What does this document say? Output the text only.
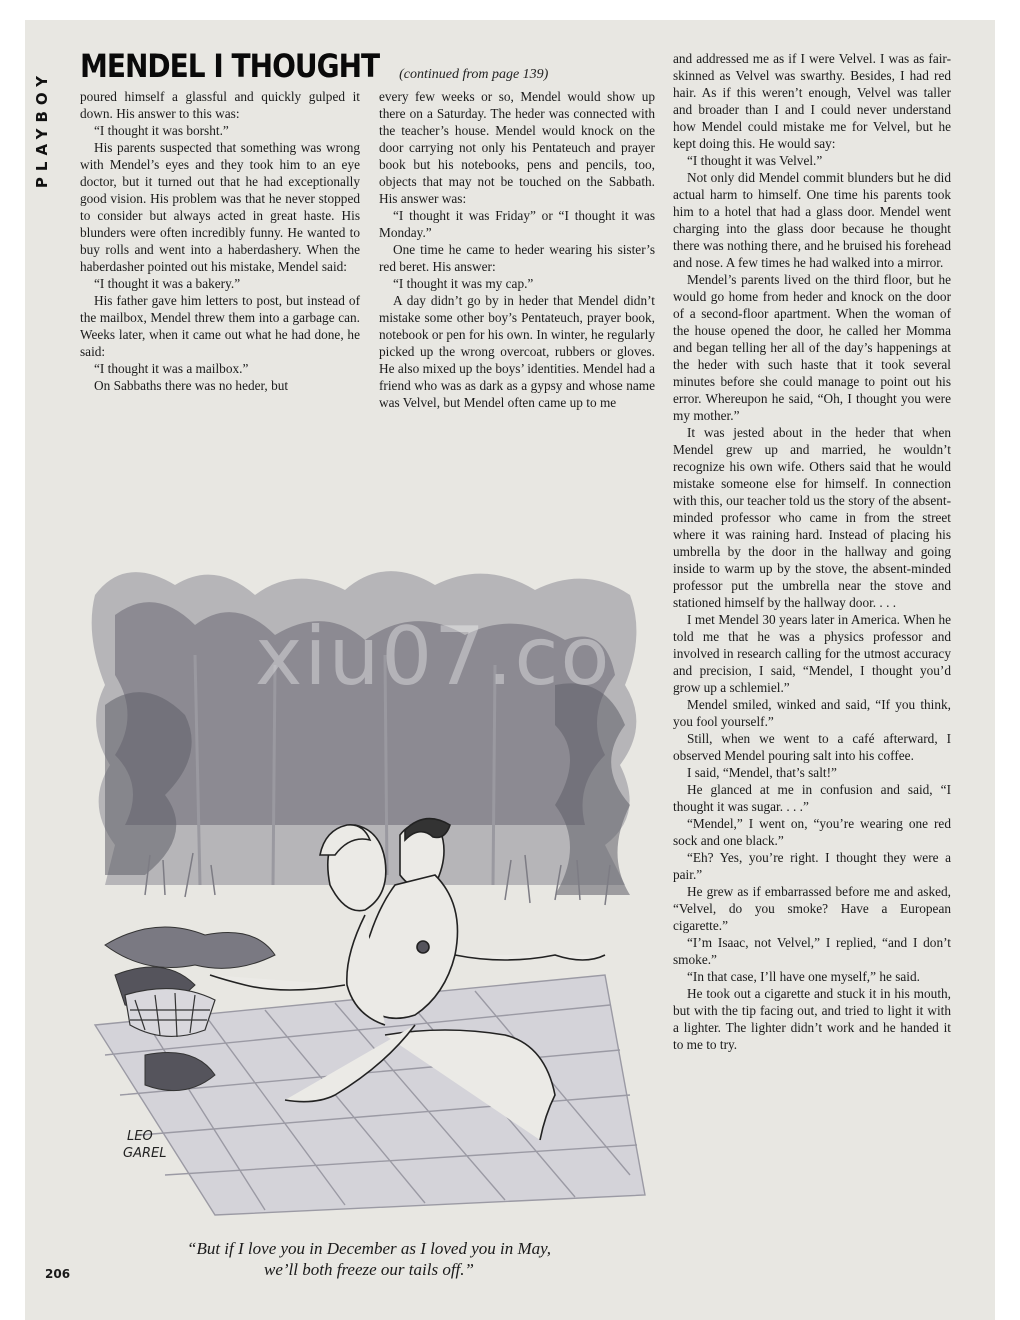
PLAYBOY
MENDEL I THOUGHT (continued from page 139)

poured himself a glassful and quickly gulped it down. His answer to this was:

“I thought it was borsht.”

His parents suspected that something was wrong with Mendel’s eyes and they took him to an eye doctor, but it turned out that he had exceptionally good vision. His problem was that he never stopped to consider but always acted in great haste. His blunders were often incredibly funny. He wanted to buy rolls and went into a haberdashery. When the haberdasher pointed out his mistake, Mendel said:

“I thought it was a bakery.”

His father gave him letters to post, but instead of the mailbox, Mendel threw them into a garbage can. Weeks later, when it came out what he had done, he said:

“I thought it was a mailbox.”

On Sabbaths there was no heder, but

every few weeks or so, Mendel would show up there on a Saturday. The heder was connected with the teacher’s house. Mendel would knock on the door carrying not only his Pentateuch and prayer book but his notebooks, pens and pencils, too, objects that may not be touched on the Sabbath. His answer was:

“I thought it was Friday” or “I thought it was Monday.”

One time he came to heder wearing his sister’s red beret. His answer:

“I thought it was my cap.”

A day didn’t go by in heder that Mendel didn’t mistake some other boy’s Pentateuch, prayer book, notebook or pen for his own. In winter, he regularly picked up the wrong overcoat, rubbers or gloves. He also mixed up the boys’ identities. Mendel had a friend who was as dark as a gypsy and whose name was Velvel, but Mendel often came up to me

and addressed me as if I were Velvel. I was as fair-skinned as Velvel was swarthy. Besides, I had red hair. As if this weren’t enough, Velvel was taller and broader than I and I could never understand how Mendel could mistake me for Velvel, but he kept doing this. He would say:

“I thought it was Velvel.”

Not only did Mendel commit blunders but he did actual harm to himself. One time his parents took him to a hotel that had a glass door. Mendel went charging into the glass door because he thought there was nothing there, and he bruised his forehead and nose. A few times he had walked into a mirror.

Mendel’s parents lived on the third floor, but he would go home from heder and knock on the door of a second-floor apartment. When the woman of the house opened the door, he called her Momma and began telling her all of the day’s happenings at the heder with such haste that it took several minutes before she could manage to point out his error. Whereupon he said, “Oh, I thought you were my mother.”

It was jested about in the heder that when Mendel grew up and married, he wouldn’t recognize his own wife. Others said that he would mistake someone else for himself. In connection with this, our teacher told us the story of the absent-minded professor who came in from the street where it was raining hard. Instead of placing his umbrella by the door in the hallway and going inside to warm up by the stove, the absent-minded professor put the umbrella near the stove and stationed himself by the hallway door. . . .

I met Mendel 30 years later in America. When he told me that he was a physics professor and involved in research calling for the utmost accuracy and precision, I said, “Mendel, I thought you’d grow up a schlemiel.”

Mendel smiled, winked and said, “If you think, you fool yourself.”

Still, when we went to a café afterward, I observed Mendel pouring salt into his coffee.

I said, “Mendel, that’s salt!”

He glanced at me in confusion and said, “I thought it was sugar. . . .”

“Mendel,” I went on, “you’re wearing one red sock and one black.”

“Eh? Yes, you’re right. I thought they were a pair.”

He grew as if embarrassed before me and asked, “Velvel, do you smoke? Have a European cigarette.”

“I’m Isaac, not Velvel,” I replied, “and I don’t smoke.”

“In that case, I’ll have one myself,” he said.

He took out a cigarette and stuck it in his mouth, but with the tip facing out, and tried to light it with a lighter. The lighter didn’t work and he handed it to me to try.

LEO
GAREL
“But if I love you in December as I loved you in May,
we’ll both freeze our tails off.”
xiu07.co
206
